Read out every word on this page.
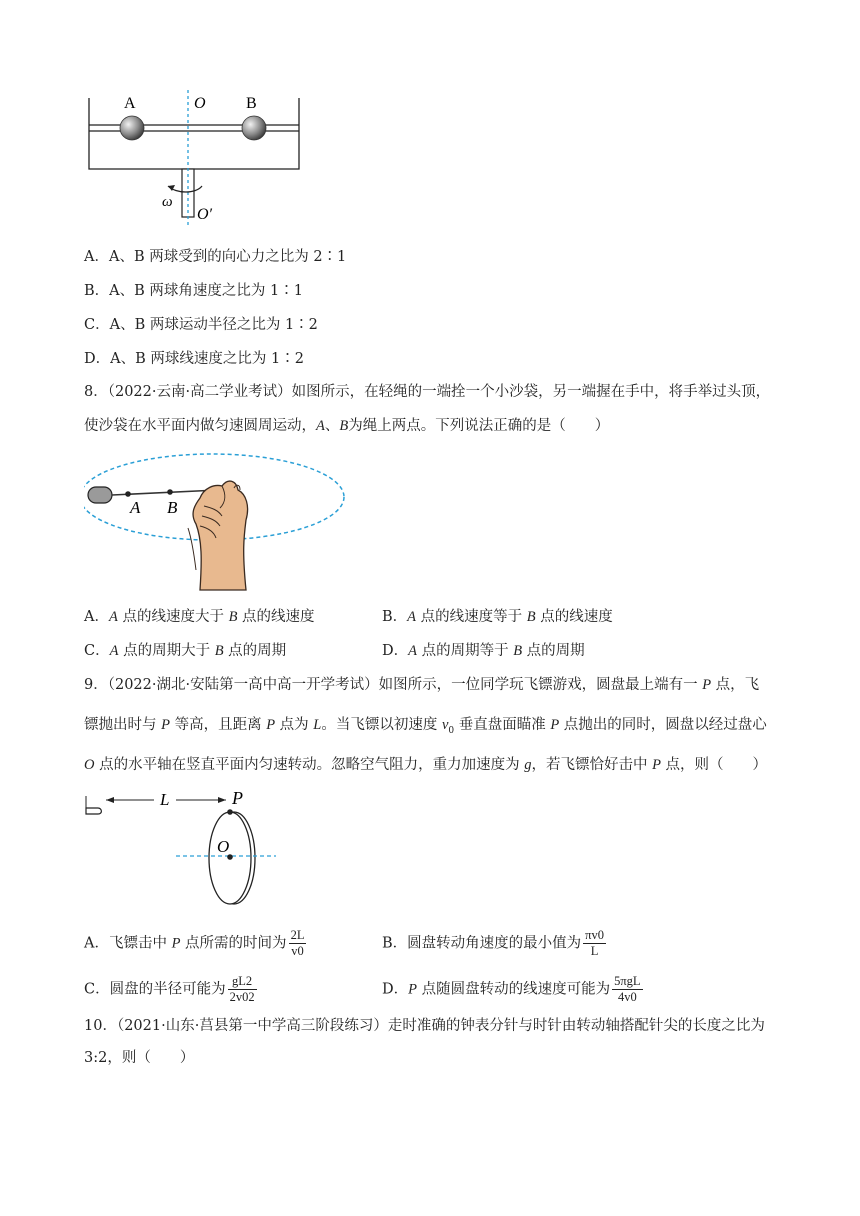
A	O	B
ω
O′
A．A、B 两球受到的向心力之比为 2∶1
B．A、B 两球角速度之比为 1∶1
C．A、B 两球运动半径之比为 1∶2
D．A、B 两球线速度之比为 1∶2
8．（2022·云南·高二学业考试）如图所示，在轻绳的一端拴一个小沙袋，另一端握在手中，将手举过头顶，
使沙袋在水平面内做匀速圆周运动，A、B为绳上两点。下列说法正确的是（　　）
A B
A．A 点的线速度大于 B 点的线速度	B．A 点的线速度等于 B 点的线速度
C．A 点的周期大于 B 点的周期	D．A 点的周期等于 B 点的周期
9．（2022·湖北·安陆第一高中高一开学考试）如图所示，一位同学玩飞镖游戏，圆盘最上端有一 P 点，飞
镖抛出时与 P 等高，且距离 P 点为 L。当飞镖以初速度 $v_0$ 垂直盘面瞄准 P 点抛出的同时，圆盘以经过盘心
O 点的水平轴在竖直平面内匀速转动。忽略空气阻力，重力加速度为 g，若飞镖恰好击中 P 点，则（　　）
L	P
O
A．飞镖击中 P 点所需的时间为 $\frac{2L}{v0}$	B．圆盘转动角速度的最小值为 $\frac{\pi v0}{L}$
C．圆盘的半径可能为 $\frac{gL2}{2v02}$	D．P 点随圆盘转动的线速度可能为 $\frac{\text{5πgL}}{4v0}$
10．（2021·山东·莒县第一中学高三阶段练习）走时准确的钟表分针与时针由转动轴搭配针尖的长度之比为
3:2，则（　　）
